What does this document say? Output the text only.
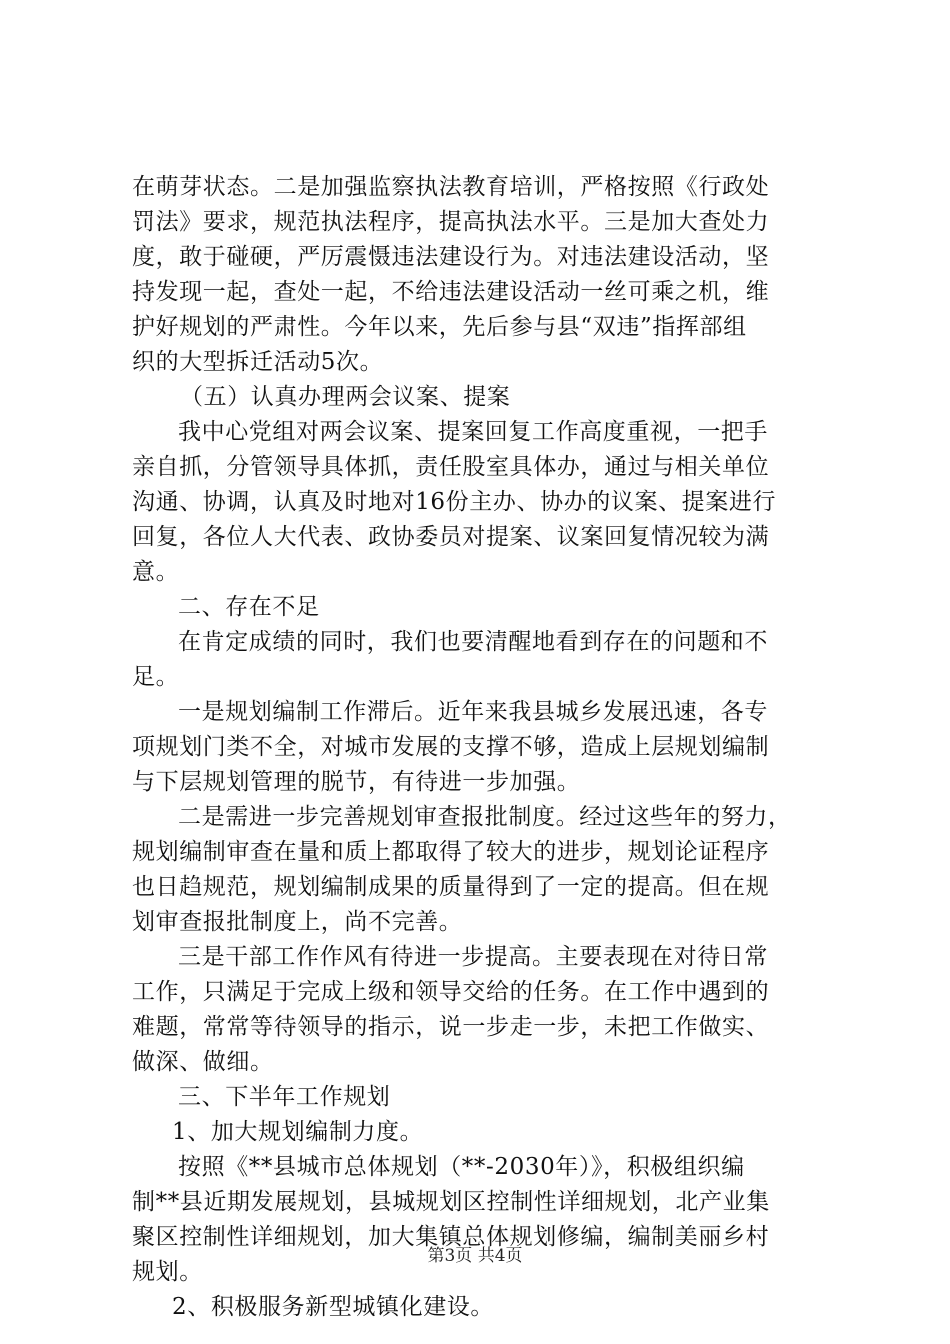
在萌芽状态。二是加强监察执法教育培训，严格按照《行政处
罚法》要求，规范执法程序，提高执法水平。三是加大查处力
度，敢于碰硬，严厉震慑违法建设行为。对违法建设活动，坚
持发现一起，查处一起，不给违法建设活动一丝可乘之机，维
护好规划的严肃性。今年以来，先后参与县“双违”指挥部组
织的大型拆迁活动5次。
（五）认真办理两会议案、提案
我中心党组对两会议案、提案回复工作高度重视，一把手
亲自抓，分管领导具体抓，责任股室具体办，通过与相关单位
沟通、协调，认真及时地对16份主办、协办的议案、提案进行
回复，各位人大代表、政协委员对提案、议案回复情况较为满
意。
二、存在不足
在肯定成绩的同时，我们也要清醒地看到存在的问题和不
足。
一是规划编制工作滞后。近年来我县城乡发展迅速，各专
项规划门类不全，对城市发展的支撑不够，造成上层规划编制
与下层规划管理的脱节，有待进一步加强。
二是需进一步完善规划审查报批制度。经过这些年的努力，
规划编制审查在量和质上都取得了较大的进步，规划论证程序
也日趋规范，规划编制成果的质量得到了一定的提高。但在规
划审查报批制度上，尚不完善。
三是干部工作作风有待进一步提高。主要表现在对待日常
工作，只满足于完成上级和领导交给的任务。在工作中遇到的
难题，常常等待领导的指示，说一步走一步，未把工作做实、
做深、做细。
三、下半年工作规划
1、加大规划编制力度。
按照《**县城市总体规划（**-2030年）》，积极组织编
制**县近期发展规划，县城规划区控制性详细规划，北产业集
聚区控制性详细规划，加大集镇总体规划修编，编制美丽乡村
规划。
2、积极服务新型城镇化建设。
第3页 共4页
